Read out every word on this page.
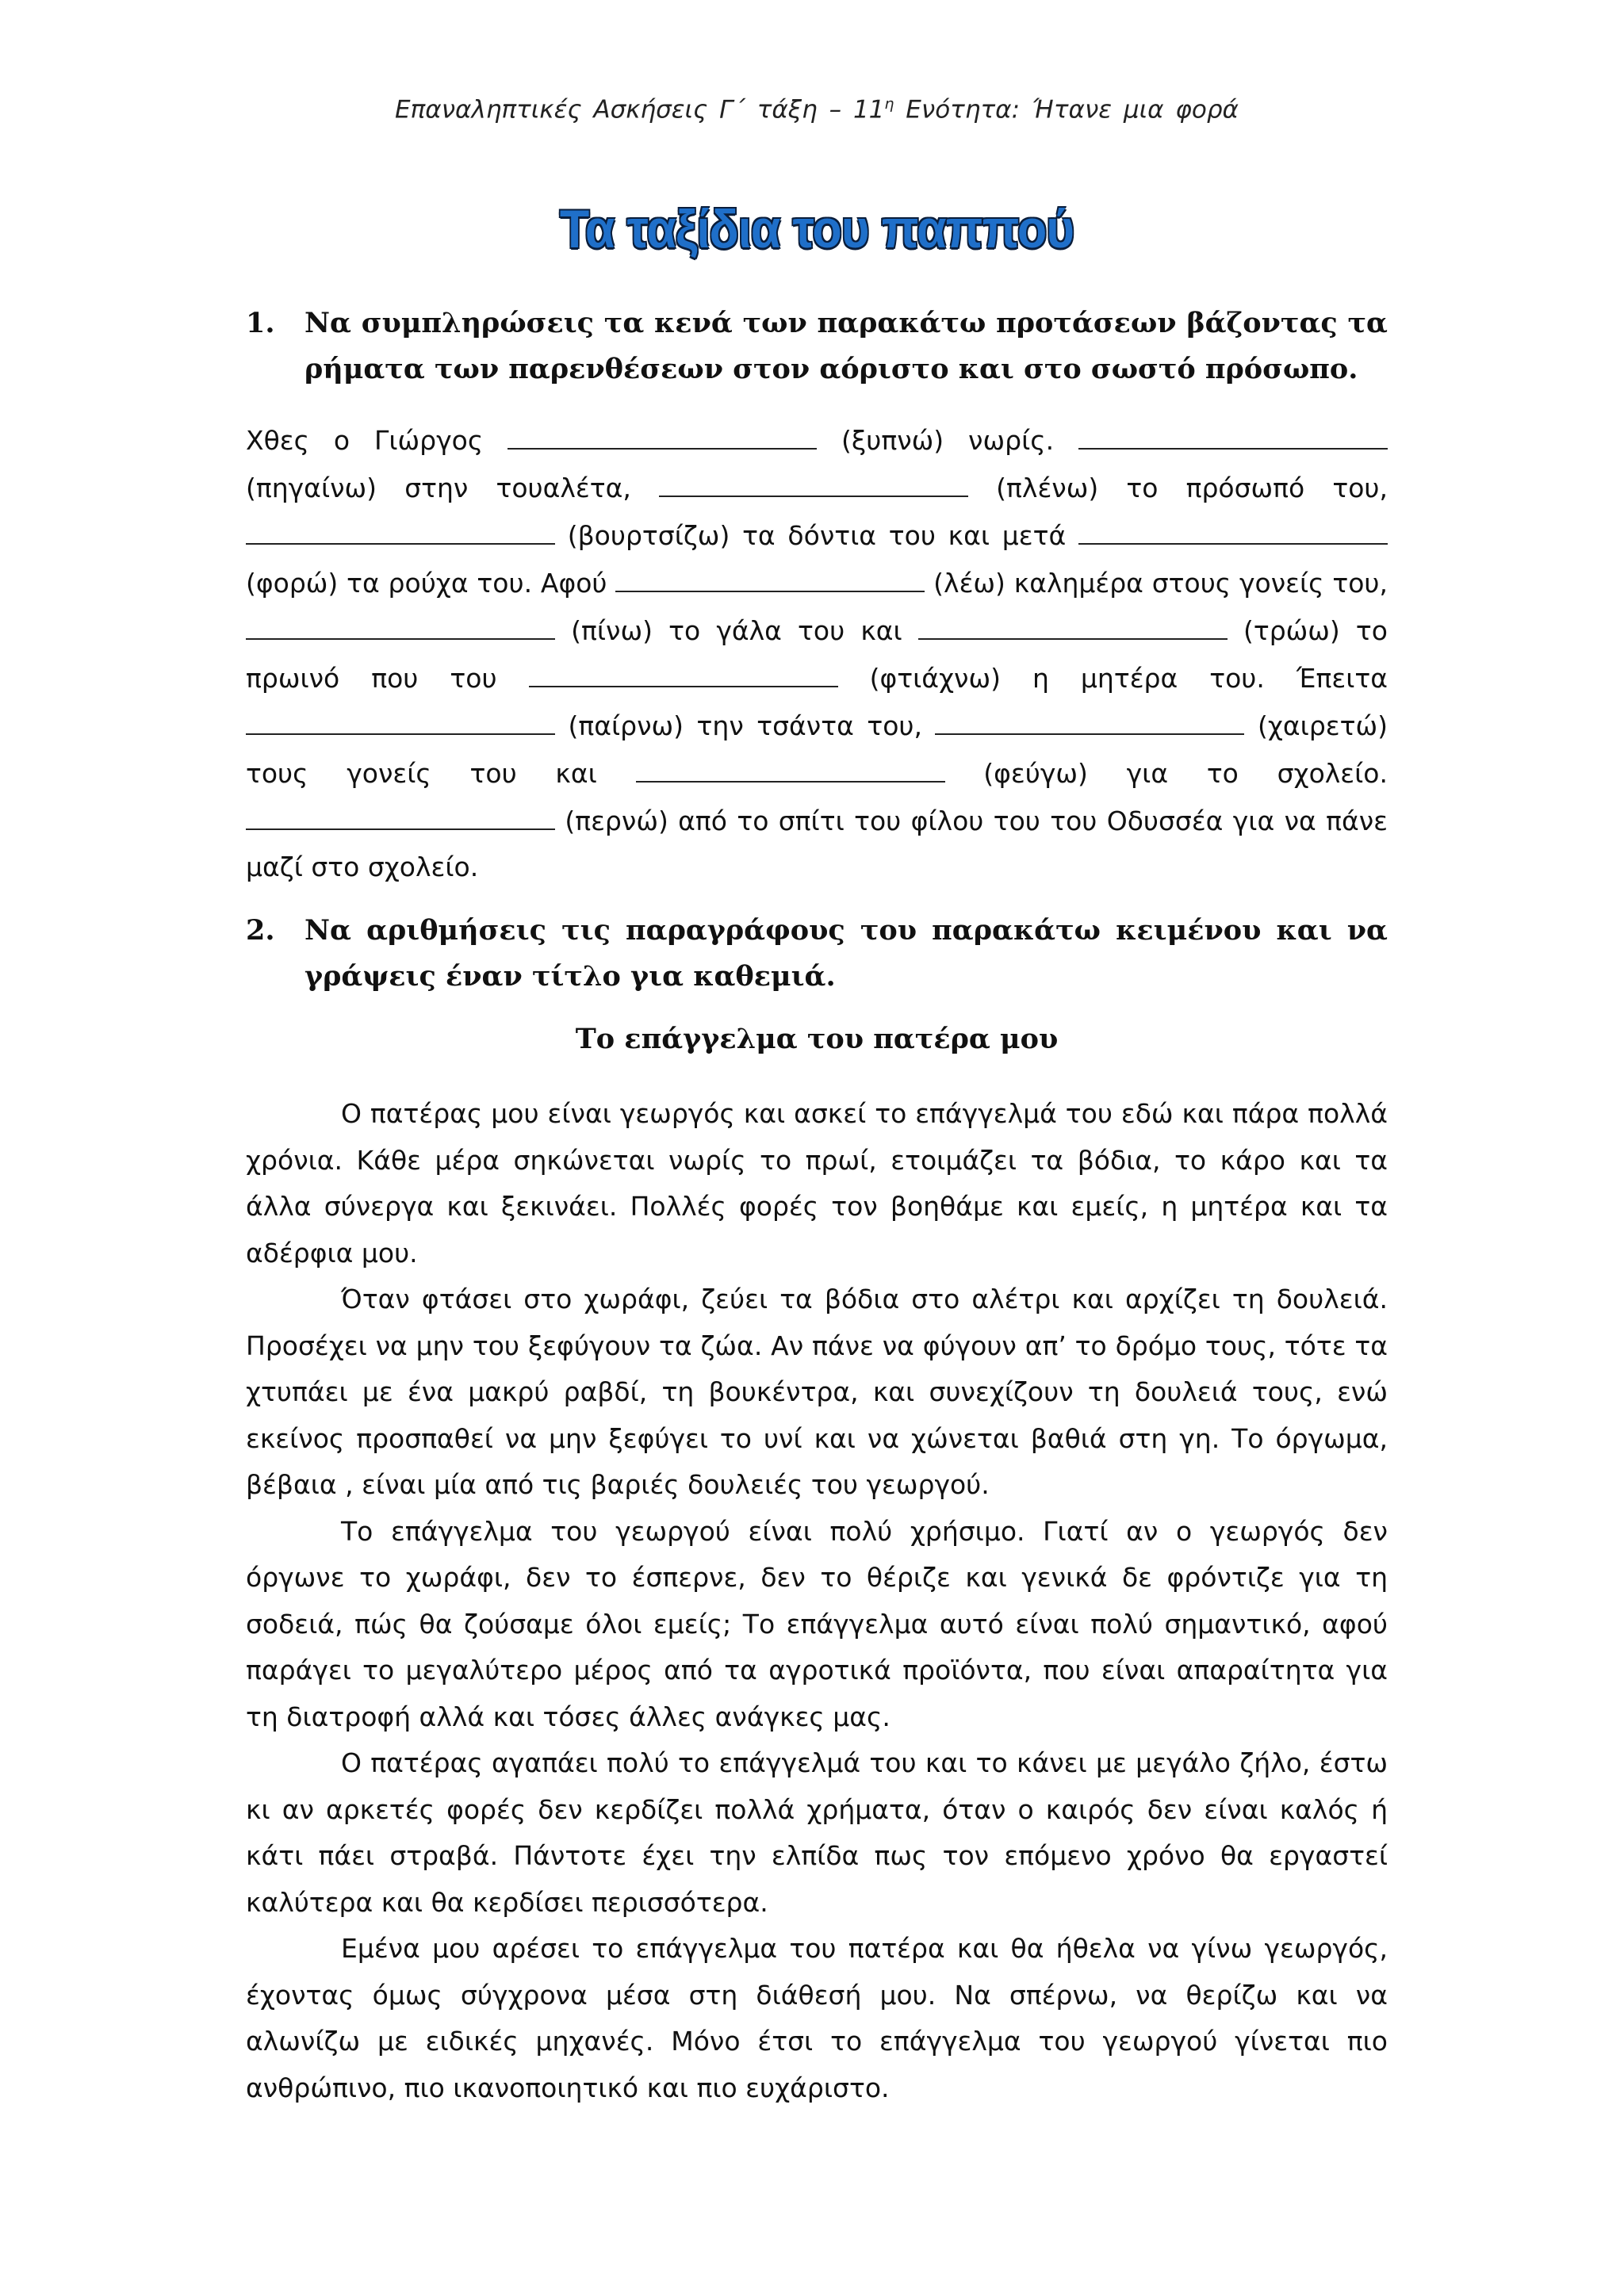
Επαναληπτικές Ασκήσεις Γ΄ τάξη – $11^\eta$ Ενότητα: Ήτανε μια φορά
Τα ταξίδια του παππού
1. Να συμπληρώσεις τα κενά των παρακάτω προτάσεων βάζοντας τα ρήματα των παρενθέσεων στον αόριστο και στο σωστό πρόσωπο.
Χθες ο Γιώργος	(ξυπνώ) νωρίς.  (πηγαίνω) στην τουαλέτα,	(πλένω) το πρόσωπό του,  (βουρτσίζω) τα δόντια του και μετά  (φορώ) τα ρούχα του. Αφού	(λέω) καλημέρα στους γονείς του,  (πίνω) το γάλα του και	(τρώω) το πρωινό που του	(φτιάχνω) η μητέρα του. Έπειτα  (παίρνω) την τσάντα του,	(χαιρετώ) τους γονείς του και	(φεύγω) για το σχολείο.  (περνώ) από το σπίτι του φίλου του του Οδυσσέα για να πάνε μαζί στο σχολείο.
2. Να αριθμήσεις τις παραγράφους του παρακάτω κειμένου και να γράψεις έναν τίτλο για καθεμιά.
Το επάγγελμα του πατέρα μου

Ο πατέρας μου είναι γεωργός και ασκεί το επάγγελμά του εδώ και πάρα πολλά χρόνια. Κάθε μέρα σηκώνεται νωρίς το πρωί, ετοιμάζει τα βόδια, το κάρο και τα άλλα σύνεργα και ξεκινάει. Πολλές φορές τον βοηθάμε και εμείς, η μητέρα και τα αδέρφια μου.

Όταν φτάσει στο χωράφι, ζεύει τα βόδια στο αλέτρι και αρχίζει τη δουλειά. Προσέχει να μην του ξεφύγουν τα ζώα. Αν πάνε να φύγουν απ’ το δρόμο τους, τότε τα χτυπάει με ένα μακρύ ραβδί, τη βουκέντρα, και συνεχίζουν τη δουλειά τους, ενώ εκείνος προσπαθεί να μην ξεφύγει το υνί και να χώνεται βαθιά στη γη. Το όργωμα, βέβαια , είναι μία από τις βαριές δουλειές του γεωργού.

Το επάγγελμα του γεωργού είναι πολύ χρήσιμο. Γιατί αν ο γεωργός δεν όργωνε το χωράφι, δεν το έσπερνε, δεν το θέριζε και γενικά δε φρόντιζε για τη σοδειά, πώς θα ζούσαμε όλοι εμείς; Το επάγγελμα αυτό είναι πολύ σημαντικό, αφού παράγει το μεγαλύτερο μέρος από τα αγροτικά προϊόντα, που είναι απαραίτητα για τη διατροφή αλλά και τόσες άλλες ανάγκες μας.

Ο πατέρας αγαπάει πολύ το επάγγελμά του και το κάνει με μεγάλο ζήλο, έστω κι αν αρκετές φορές δεν κερδίζει πολλά χρήματα, όταν ο καιρός δεν είναι καλός ή κάτι πάει στραβά. Πάντοτε έχει την ελπίδα πως τον επόμενο χρόνο θα εργαστεί καλύτερα και θα κερδίσει περισσότερα.

Εμένα μου αρέσει το επάγγελμα του πατέρα και θα ήθελα να γίνω γεωργός, έχοντας όμως σύγχρονα μέσα στη διάθεσή μου. Να σπέρνω, να θερίζω και να αλωνίζω με ειδικές μηχανές. Μόνο έτσι το επάγγελμα του γεωργού γίνεται πιο ανθρώπινο, πιο ικανοποιητικό και πιο ευχάριστο.
